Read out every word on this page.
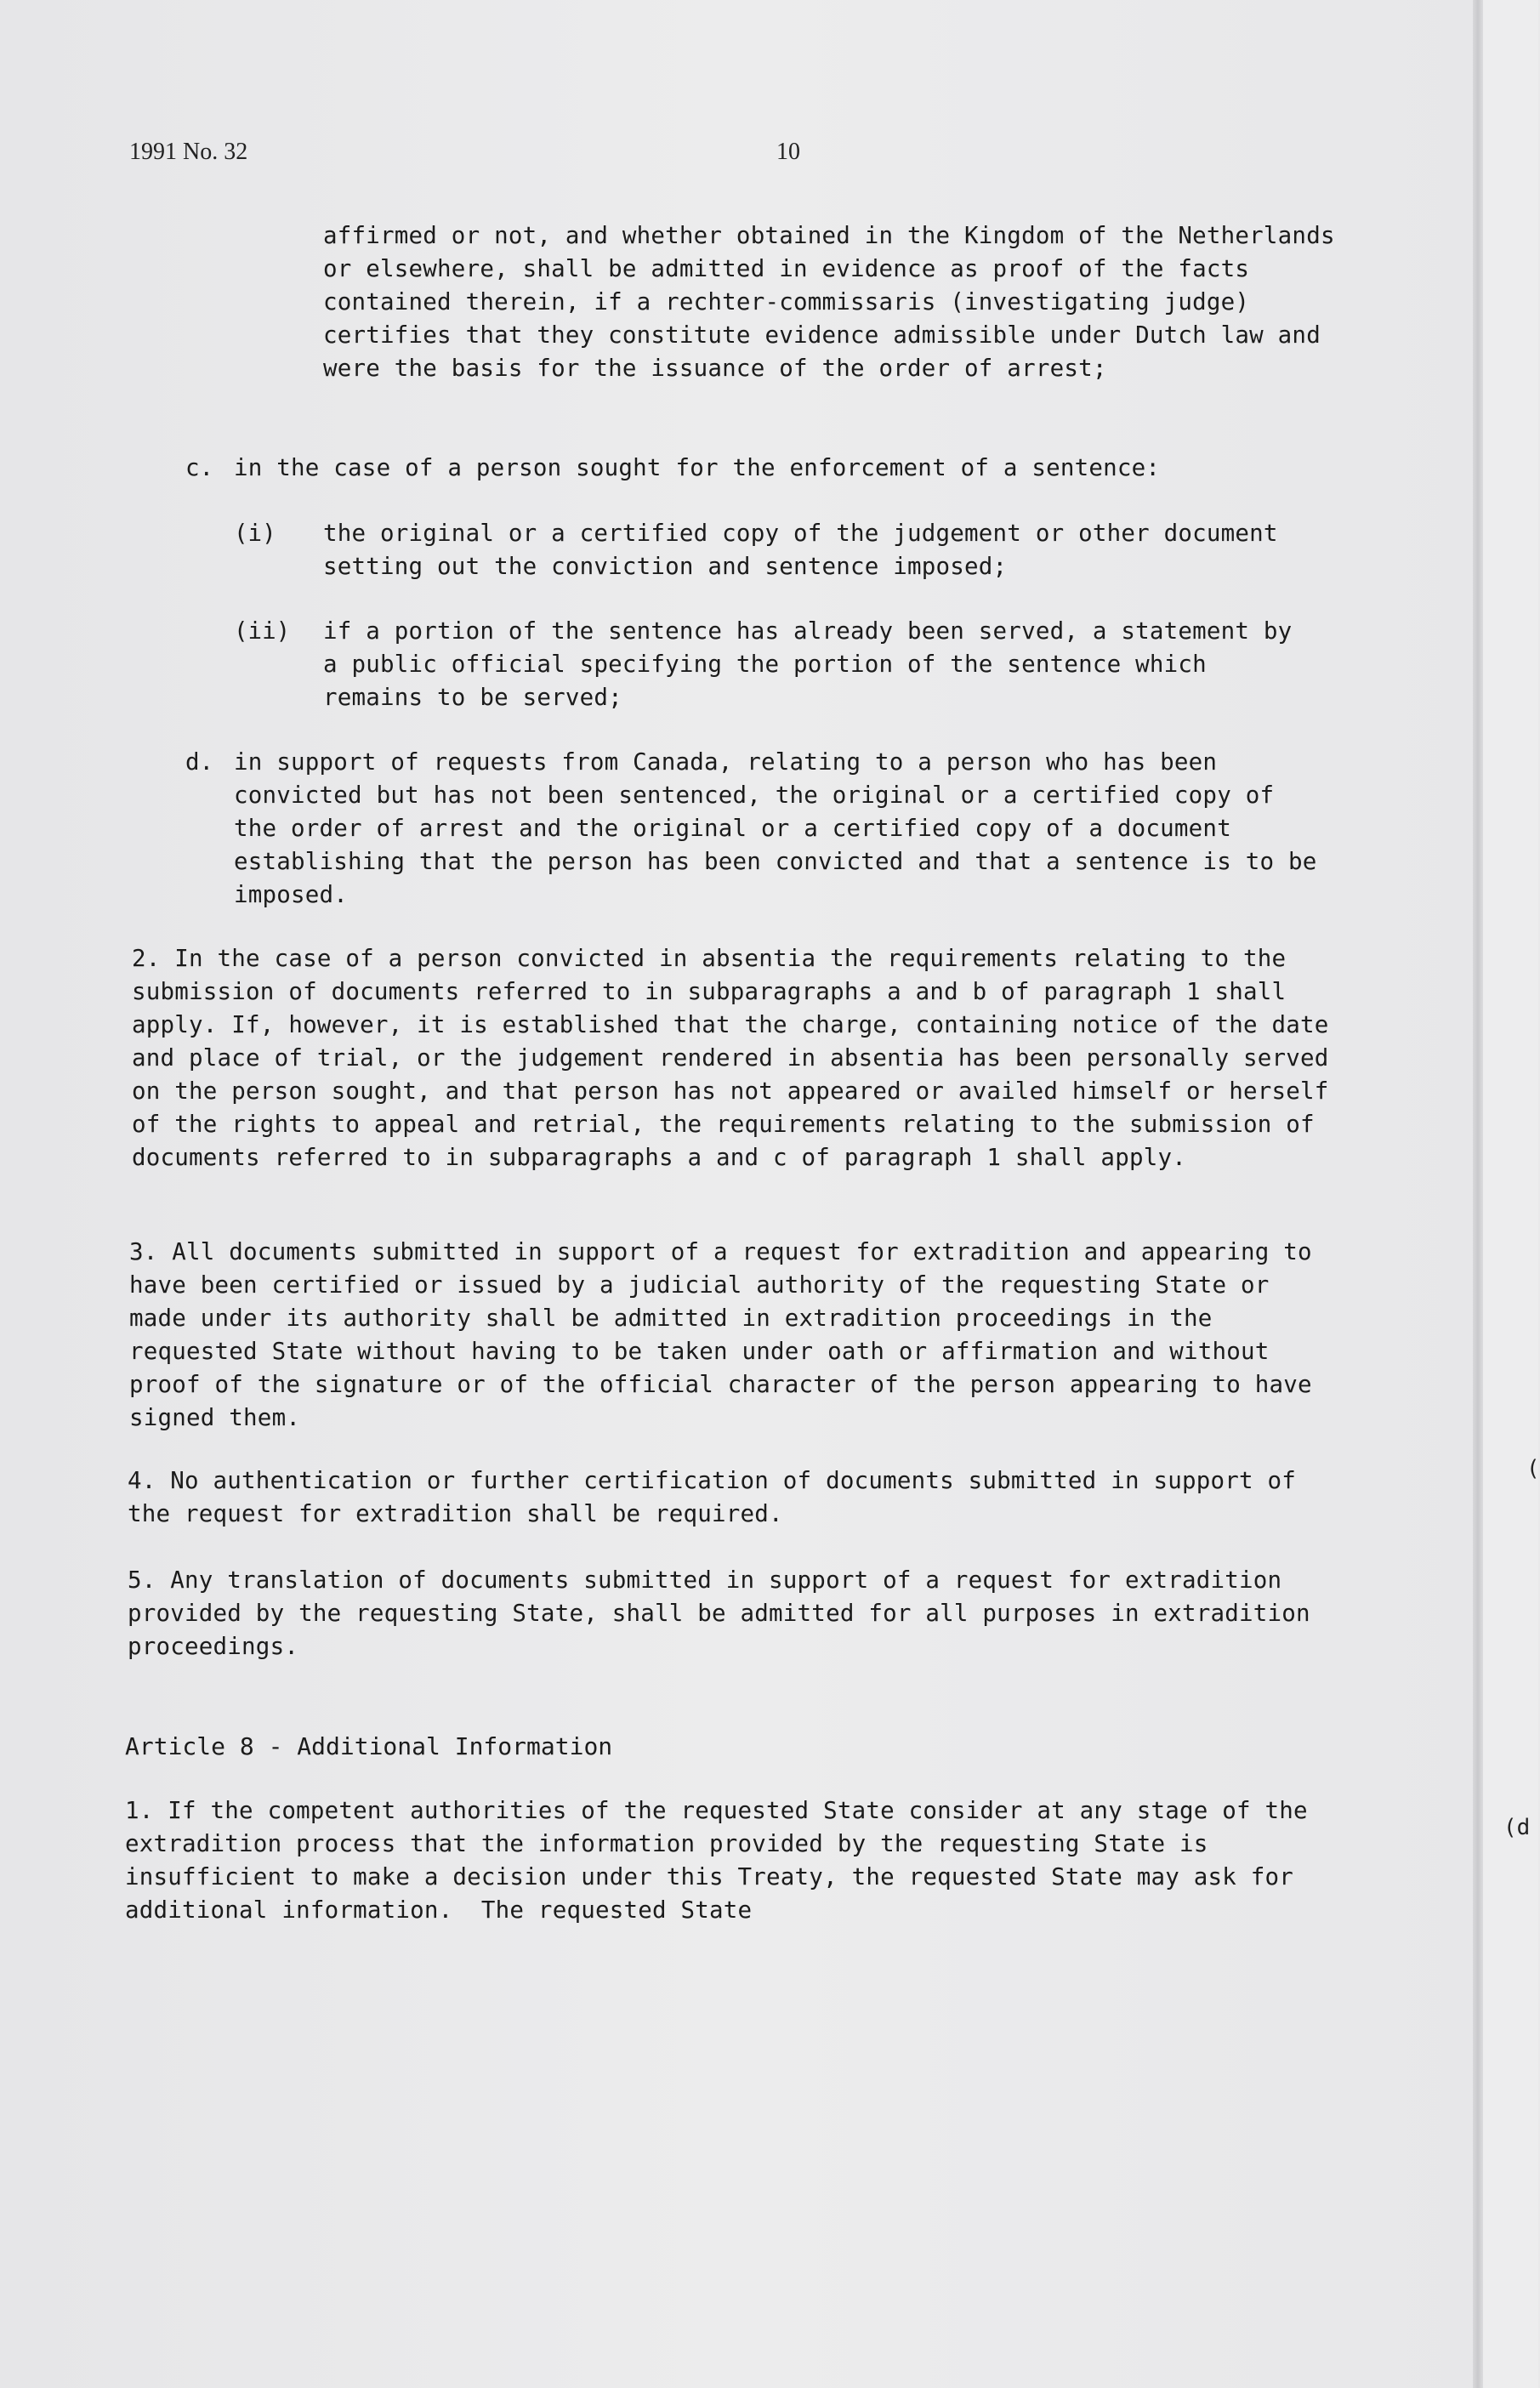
(
(d
1991 No. 32	10

affirmed or not, and whether obtained in the Kingdom of the Netherlands or elsewhere, shall be admitted in evidence as proof of the facts contained therein, if a rechter-commissaris (investigating judge) certifies that they constitute evidence admissible under Dutch law and were the basis for the issuance of the order of arrest;

c. in the case of a person sought for the enforcement of a sentence:

(i) the original or a certified copy of the judgement or other document setting out the conviction and sentence imposed;

(ii) if a portion of the sentence has already been served, a statement by a public official specifying the portion of the sentence which remains to be served;

d. in support of requests from Canada, relating to a person who has been convicted but has not been sentenced, the original or a certified copy of the order of arrest and the original or a certified copy of a document establishing that the person has been convicted and that a sentence is to be imposed.

2. In the case of a person convicted in absentia the requirements relating to the submission of documents referred to in subparagraphs a and b of paragraph 1 shall apply. If, however, it is established that the charge, containing notice of the date and place of trial, or the judgement rendered in absentia has been personally served on the person sought, and that person has not appeared or availed himself or herself of the rights to appeal and retrial, the requirements relating to the submission of documents referred to in subparagraphs a and c of paragraph 1 shall apply.

3. All documents submitted in support of a request for extradition and appearing to have been certified or issued by a judicial authority of the requesting State or made under its authority shall be admitted in extradition proceedings in the requested State without having to be taken under oath or affirmation and without proof of the signature or of the official character of the person appearing to have signed them.

4. No authentication or further certification of documents submitted in support of the request for extradition shall be required.

5. Any translation of documents submitted in support of a request for extradition provided by the requesting State, shall be admitted for all purposes in extradition proceedings.

Article 8 - Additional Information

1. If the competent authorities of the requested State consider at any stage of the extradition process that the information provided by the requesting State is insufficient to make a decision under this Treaty, the requested State may ask for additional information.  The requested State
